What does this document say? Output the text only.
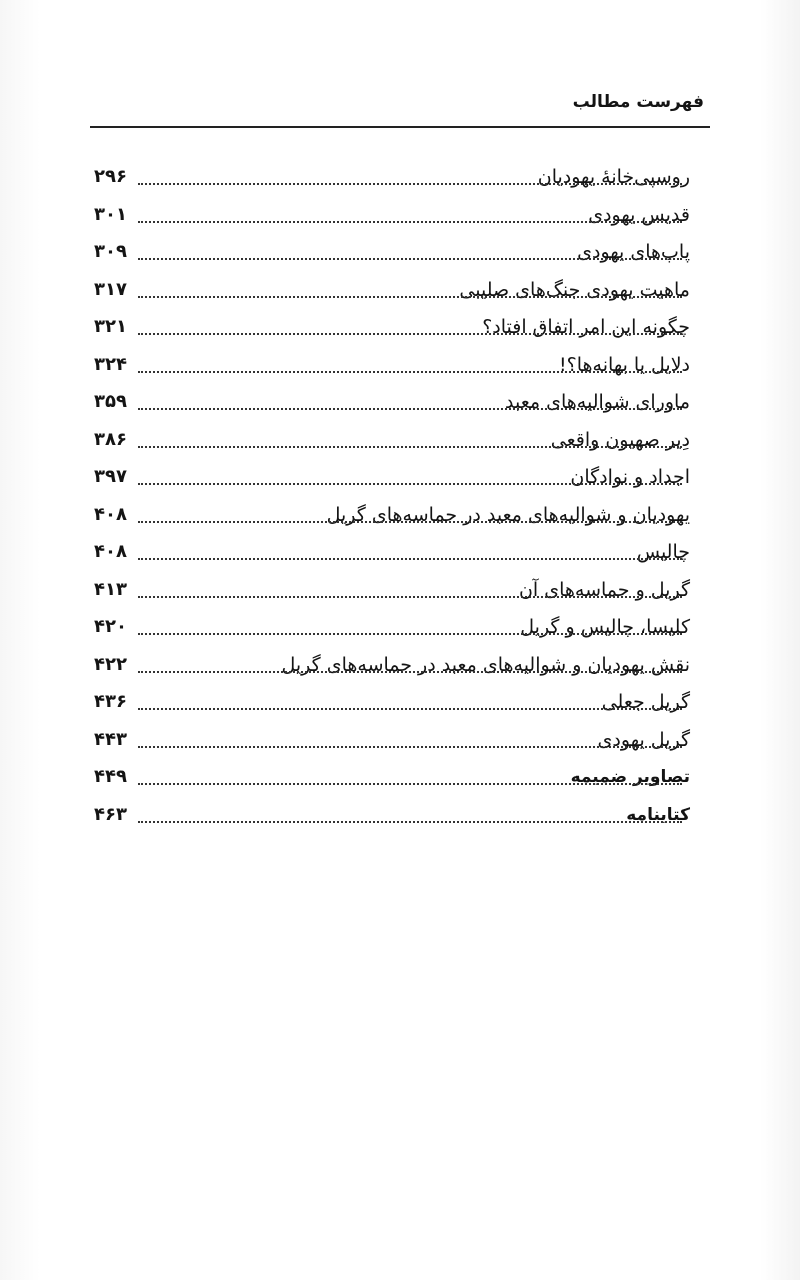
فهرست مطالب
روسپی‌خانهٔ یهودیان
۲۹۶
قدیس یهودی
۳۰۱
پاپ‌های یهودی
۳۰۹
ماهیت یهودی جنگ‌های صلیبی
۳۱۷
چگونه این امر اتفاق افتاد؟
۳۲۱
دلایل یا بهانه‌ها؟!
۳۲۴
ماورای شوالیه‌های معبد
۳۵۹
دِیر صهیون واقعی
۳۸۶
اجداد و نوادگان
۳۹۷
یهودیان و شوالیه‌های معبد در حماسه‌های گریل
۴۰۸
چالیس
۴۰۸
گریل و حماسه‌های آن
۴۱۳
کلیسا، چالیس و گریل
۴۲۰
نقش یهودیان و شوالیه‌های معبد در حماسه‌های گریل
۴۲۲
گریل جعلی
۴۳۶
گریل یهودی
۴۴۳
تصاویر ضمیمه
۴۴۹
کتابنامه
۴۶۳
